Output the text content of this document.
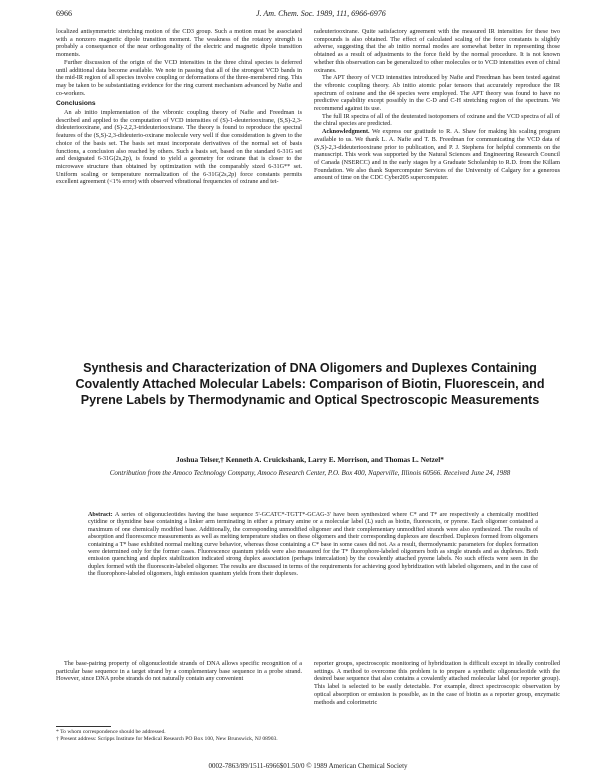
6966	J. Am. Chem. Soc. 1989, 111, 6966-6976

localized antisymmetric stretching motion of the CD3 group. Such a motion must be associated with a nonzero magnetic dipole transition moment. The weakness of the rotatory strength is probably a consequence of the near orthogonality of the electric and magnetic dipole transition moments.

Further discussion of the origin of the VCD intensities in the three chiral species is deferred until additional data become available. We note in passing that all of the strongest VCD bands in the mid-IR region of all species involve coupling or deformations of the three-membered ring. This may be taken to be substantiating evidence for the ring current mechanism advanced by Nafie and co-workers.

Conclusions

An ab initio implementation of the vibronic coupling theory of Nafie and Freedman is described and applied to the computation of VCD intensities of (S)-1-deuteriooxirane, (S,S)-2,3-dideuteriooxirane, and (S)-2,2,3-trideuteriooxirane. The theory is found to reproduce the spectral features of the (S,S)-2,3-dideuterio-oxirane molecule very well if due consideration is given to the choice of the basis set. The basis set must incorporate derivatives of the normal set of basis functions, a conclusion also reached by others. Such a basis set, based on the standard 6-31G set and designated 6-31G(2s,2p), is found to yield a geometry for oxirane that is closer to the microwave structure than obtained by optimization with the comparably sized 6-31G** set. Uniform scaling or temperature normalization of the 6-31G(2s,2p) force constants permits excellent agreement (<1% error) with observed vibrational frequencies of oxirane and tet-

radeuteriooxirane. Quite satisfactory agreement with the measured IR intensities for these two compounds is also obtained. The effect of calculated scaling of the force constants is slightly adverse, suggesting that the ab initio normal modes are somewhat better in representing those obtained as a result of adjustments to the force field by the normal procedure. It is not known whether this observation can be generalized to other molecules or to VCD intensities even of chiral oxiranes.

The APT theory of VCD intensities introduced by Nafie and Freedman has been tested against the vibronic coupling theory. Ab initio atomic polar tensors that accurately reproduce the IR spectrum of oxirane and the d4 species were employed. The APT theory was found to have no predictive capability except possibly in the C-D and C-H stretching region of the spectrum. We recommend against its use.

The full IR spectra of all of the deuterated isotopomers of oxirane and the VCD spectra of all of the chiral species are predicted.

Acknowledgment. We express our gratitude to R. A. Shaw for making his scaling program available to us. We thank L. A. Nafie and T. B. Freedman for communicating the VCD data of (S,S)-2,3-dideuteriooxirane prior to publication, and P. J. Stephens for helpful comments on the manuscript. This work was supported by the Natural Sciences and Engineering Research Council of Canada (NSERCC) and in the early stages by a Graduate Scholarship to R.D. from the Killam Foundation. We also thank Supercomputer Services of the University of Calgary for a generous amount of time on the CDC Cyber205 supercomputer.

Synthesis and Characterization of DNA Oligomers and Duplexes Containing Covalently Attached Molecular Labels: Comparison of Biotin, Fluorescein, and Pyrene Labels by Thermodynamic and Optical Spectroscopic Measurements
Joshua Telser,† Kenneth A. Cruickshank, Larry E. Morrison, and Thomas L. Netzel*
Contribution from the Amoco Technology Company, Amoco Research Center, P.O. Box 400, Naperville, Illinois 60566. Received June 24, 1988
Abstract: A series of oligonucleotides having the base sequence 5'-GCATC*-TGTT*-GCAG-3' have been synthesized where C* and T* are respectively a chemically modified cytidine or thymidine base containing a linker arm terminating in either a primary amine or a molecular label (L) such as biotin, fluorescein, or pyrene. Each oligomer contained a maximum of one chemically modified base. Additionally, the corresponding unmodified oligomer and their complementary unmodified strands were also synthesized. The results of absorption and fluorescence measurements as well as melting temperature studies on these oligomers and their corresponding duplexes are described. Duplexes formed from oligomers containing a T* base exhibited normal melting curve behavior, whereas those containing a C* base in some cases did not. As a result, thermodynamic parameters for duplex formation were determined only for the former cases. Fluorescence quantum yields were also measured for the T* fluorophore-labeled oligomers both as single strands and as duplexes. Both emission quenching and duplex stabilization indicated strong duplex association (perhaps intercalation) by the covalently attached pyrene labels. No such effects were seen in the duplex formed with the fluorescein-labeled oligomer. The results are discussed in terms of the requirements for achieving good hybridization with labeled oligomers, and in the case of the fluorophore-labeled oligomers, high emission quantum yields from their duplexes.

The base-pairing property of oligonucleotide strands of DNA allows specific recognition of a particular base sequence in a target strand by a complementary base sequence in a probe strand. However, since DNA probe strands do not naturally contain any convenient

reporter groups, spectroscopic monitoring of hybridization is difficult except in ideally controlled settings. A method to overcome this problem is to prepare a synthetic oligonucleotide with the desired base sequence that also contains a covalently attached molecular label (or reporter group). This label is selected to be easily detectable. For example, direct spectroscopic observation by optical absorption or emission is possible, as in the case of biotin as a reporter group, enzymatic methods and colorimetric

* To whom correspondence should be addressed.
† Present address: Scripps Institute for Medical Research PO Box 100, New Brunswick, NJ 08903.
0002-7863/89/1511-6966$01.50/0 © 1989 American Chemical Society
